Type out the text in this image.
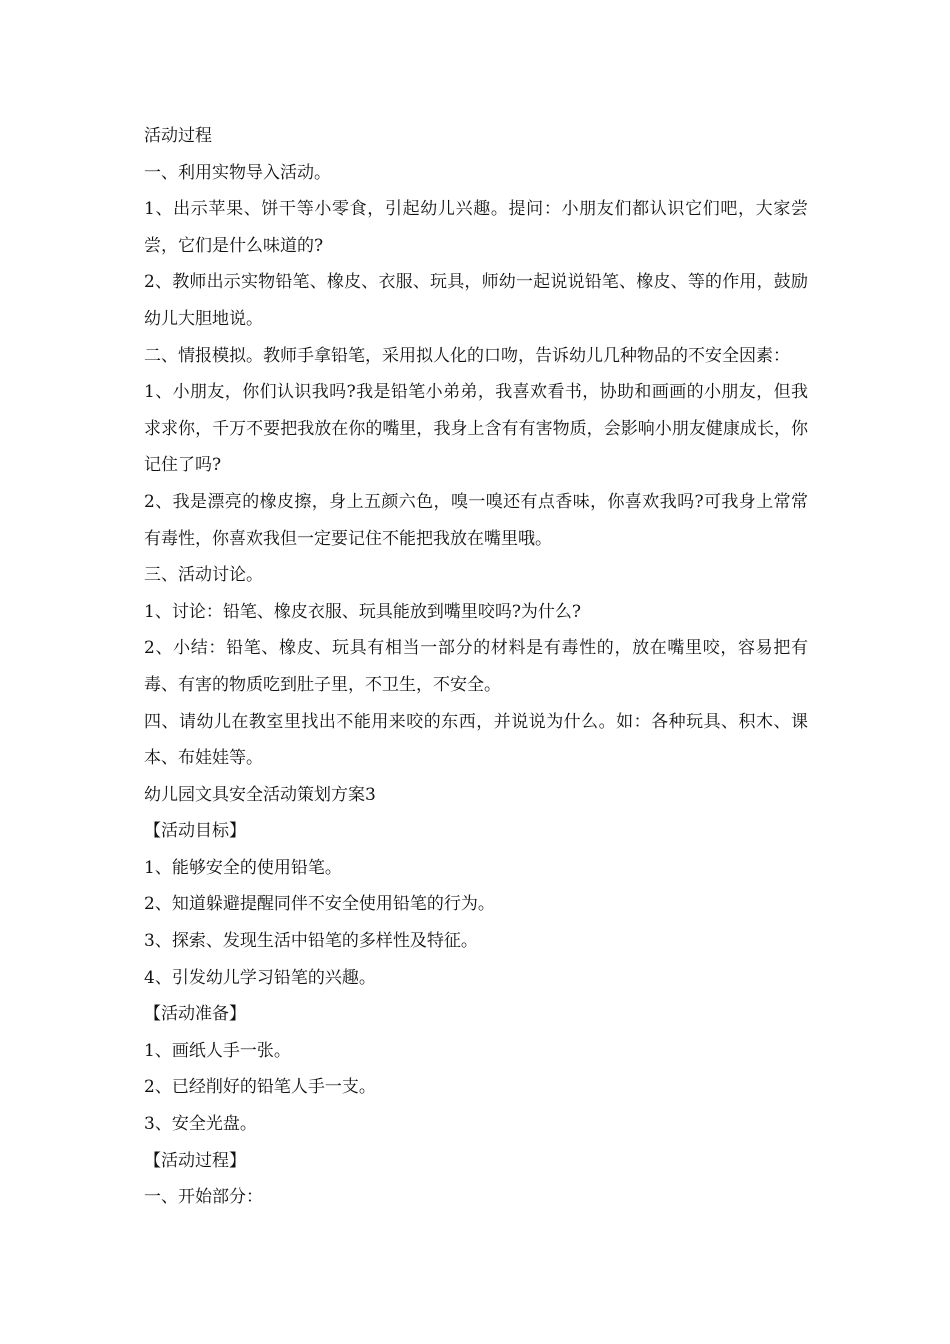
活动过程
一、利用实物导入活动。
1、出示苹果、饼干等小零食，引起幼儿兴趣。提问：小朋友们都认识它们吧，大家尝尝，它们是什么味道的?
2、教师出示实物铅笔、橡皮、衣服、玩具，师幼一起说说铅笔、橡皮、等的作用，鼓励幼儿大胆地说。
二、情报模拟。教师手拿铅笔，采用拟人化的口吻，告诉幼儿几种物品的不安全因素：
1、小朋友，你们认识我吗?我是铅笔小弟弟，我喜欢看书，协助和画画的小朋友，但我求求你，千万不要把我放在你的嘴里，我身上含有有害物质，会影响小朋友健康成长，你记住了吗?
2、我是漂亮的橡皮擦，身上五颜六色，嗅一嗅还有点香味，你喜欢我吗?可我身上常常有毒性，你喜欢我但一定要记住不能把我放在嘴里哦。
三、活动讨论。
1、讨论：铅笔、橡皮衣服、玩具能放到嘴里咬吗?为什么?
2、小结：铅笔、橡皮、玩具有相当一部分的材料是有毒性的，放在嘴里咬，容易把有毒、有害的物质吃到肚子里，不卫生，不安全。
四、请幼儿在教室里找出不能用来咬的东西，并说说为什么。如：各种玩具、积木、课本、布娃娃等。
幼儿园文具安全活动策划方案3
【活动目标】
1、能够安全的使用铅笔。
2、知道躲避提醒同伴不安全使用铅笔的行为。
3、探索、发现生活中铅笔的多样性及特征。
4、引发幼儿学习铅笔的兴趣。
【活动准备】
1、画纸人手一张。
2、已经削好的铅笔人手一支。
3、安全光盘。
【活动过程】
一、开始部分：
